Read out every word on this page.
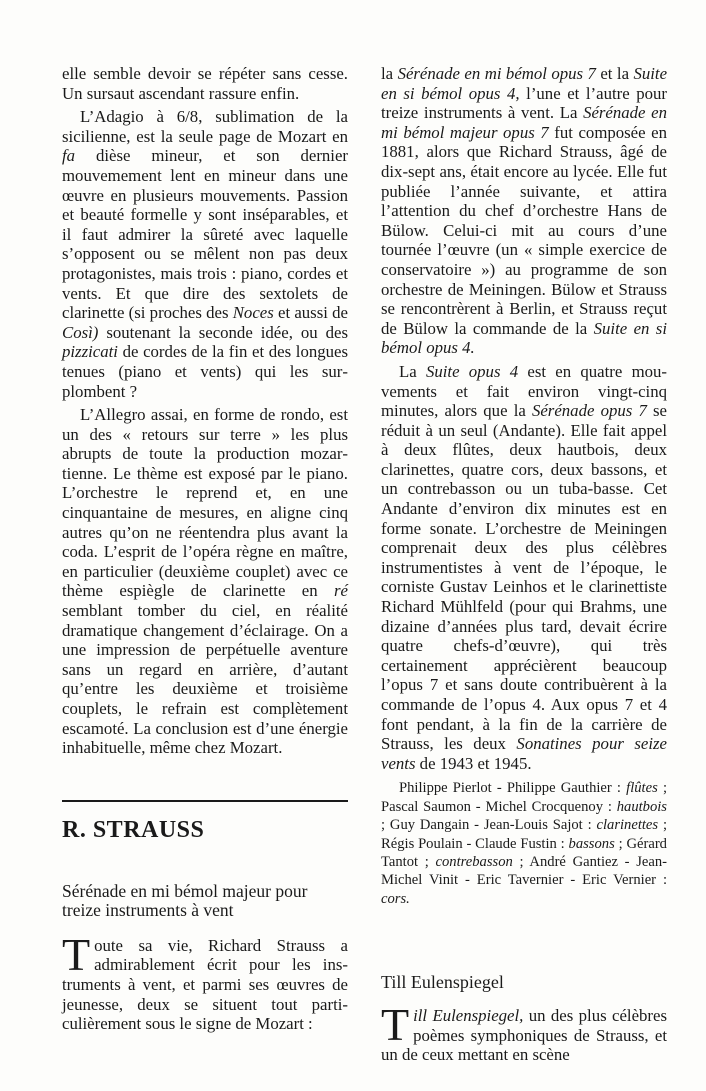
elle semble devoir se répéter sans cesse. Un sursaut ascendant rassure enfin.

L’Adagio à 6/8, sublimation de la sicilienne, est la seule page de Mozart en fa dièse mineur, et son dernier mouvemement lent en mineur dans une œuvre en plusieurs mouvements. Passion et beauté formelle y sont inséparables, et il faut admirer la sûreté avec laquelle s’opposent ou se mêlent non pas deux protagonistes, mais trois : piano, cordes et vents. Et que dire des sextolets de clarinette (si proches des Noces et aussi de Così) soutenant la seconde idée, ou des pizzicati de cordes de la fin et des longues tenues (piano et vents) qui les surplombent ?

L’Allegro assai, en forme de rondo, est un des « retours sur terre » les plus abrupts de toute la production mozartienne. Le thème est exposé par le piano. L’orchestre le reprend et, en une cinquantaine de mesures, en aligne cinq autres qu’on ne réentendra plus avant la coda. L’esprit de l’opéra règne en maître, en particulier (deuxième couplet) avec ce thème espiègle de clarinette en ré semblant tomber du ciel, en réalité dramatique changement d’éclairage. On a une impression de perpétuelle aventure sans un regard en arrière, d’autant qu’entre les deuxième et troisième couplets, le refrain est complètement escamoté. La conclusion est d’une énergie inhabituelle, même chez Mozart.

R. STRAUSS
Sérénade en mi bémol majeur pour treize instruments à vent

Toute sa vie, Richard Strauss a admirablement écrit pour les instruments à vent, et parmi ses œuvres de jeunesse, deux se situent tout particulièrement sous le signe de Mozart :

la Sérénade en mi bémol opus 7 et la Suite en si bémol opus 4, l’une et l’autre pour treize instruments à vent. La Sérénade en mi bémol majeur opus 7 fut composée en 1881, alors que Richard Strauss, âgé de dix-sept ans, était encore au lycée. Elle fut publiée l’année suivante, et attira l’attention du chef d’orchestre Hans de Bülow. Celui-ci mit au cours d’une tournée l’œuvre (un « simple exercice de conservatoire ») au programme de son orchestre de Meiningen. Bülow et Strauss se rencontrèrent à Berlin, et Strauss reçut de Bülow la commande de la Suite en si bémol opus 4.

La Suite opus 4 est en quatre mouvements et fait environ vingt-cinq minutes, alors que la Sérénade opus 7 se réduit à un seul (Andante). Elle fait appel à deux flûtes, deux hautbois, deux clarinettes, quatre cors, deux bassons, et un contrebasson ou un tuba-basse. Cet Andante d’environ dix minutes est en forme sonate. L’orchestre de Meiningen comprenait deux des plus célèbres instrumentistes à vent de l’époque, le corniste Gustav Leinhos et le clarinettiste Richard Mühlfeld (pour qui Brahms, une dizaine d’années plus tard, devait écrire quatre chefs-d’œuvre), qui très certainement apprécièrent beaucoup l’opus 7 et sans doute contribuèrent à la commande de l’opus 4. Aux opus 7 et 4 font pendant, à la fin de la carrière de Strauss, les deux Sonatines pour seize vents de 1943 et 1945.

Philippe Pierlot - Philippe Gauthier : flûtes ; Pascal Saumon - Michel Crocquenoy : hautbois ; Guy Dangain - Jean-Louis Sajot : clarinettes ; Régis Poulain - Claude Fustin : bassons ; Gérard Tantot ; contrebasson ; André Gantiez - Jean-Michel Vinit - Eric Tavernier - Eric Vernier : cors.

Till Eulenspiegel

Till Eulenspiegel, un des plus célèbres poèmes symphoniques de Strauss, et un de ceux mettant en scène
